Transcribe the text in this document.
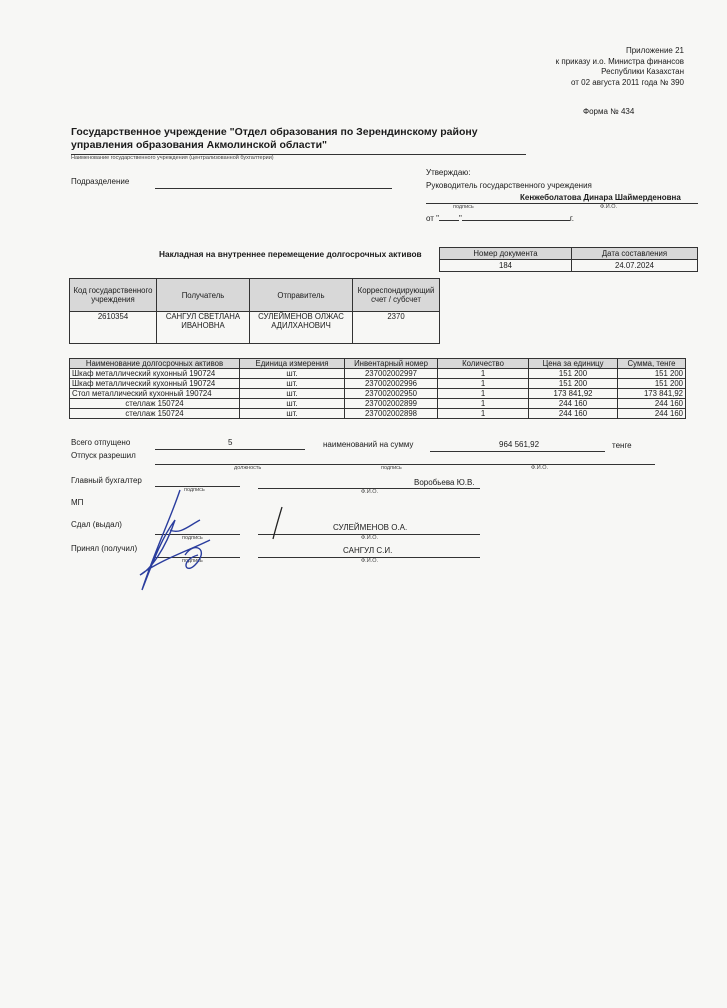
Приложение 21
к приказу и.о. Министра финансов
Республики Казахстан
от 02 августа 2011 года № 390
Форма № 434
Государственное учреждение "Отдел образования по Зерендинскому району
управления образования Акмолинской области"
Наименование государственного учреждения (централизованной бухгалтерии)
Подразделение
Утверждаю:
Руководитель государственного учреждения
Кенжеболатова Динара Шаймерденовна
подпись	Ф.И.О.
от "	"	г.
Накладная на внутреннее перемещение долгосрочных активов	Номер документа	Дата составления
184	24.07.2024
Код государственного учреждения	Получатель	Отправитель	Корреспондирующий счет / субсчет
2610354	САНГУЛ СВЕТЛАНА ИВАНОВНА	СУЛЕЙМЕНОВ ОЛЖАС АДИЛХАНОВИЧ	2370
Наименование долгосрочных активов	Единица измерения	Инвентарный номер	Количество	Цена за единицу	Сумма, тенге
Шкаф металлический кухонный 190724	шт.	237002002997	1	151 200	151 200
Шкаф металлический кухонный 190724	шт.	237002002996	1	151 200	151 200
Стол металлический кухонный 190724	шт.	237002002950	1	173 841,92	173 841,92
стеллаж 150724	шт.	237002002899	1	244 160	244 160
стеллаж 150724	шт.	237002002898	1	244 160	244 160
Всего отпущено	5	наименований на сумму	964 561,92	тенге
Отпуск разрешил
должность	подпись	Ф.И.О.
Главный бухгалтер
подпись
Воробьева Ю.В.
Ф.И.О.
МП
Сдал (выдал)
подпись
СУЛЕЙМЕНОВ О.А.
Ф.И.О.
Принял (получил)
подпись
САНГУЛ С.И.
Ф.И.О.
